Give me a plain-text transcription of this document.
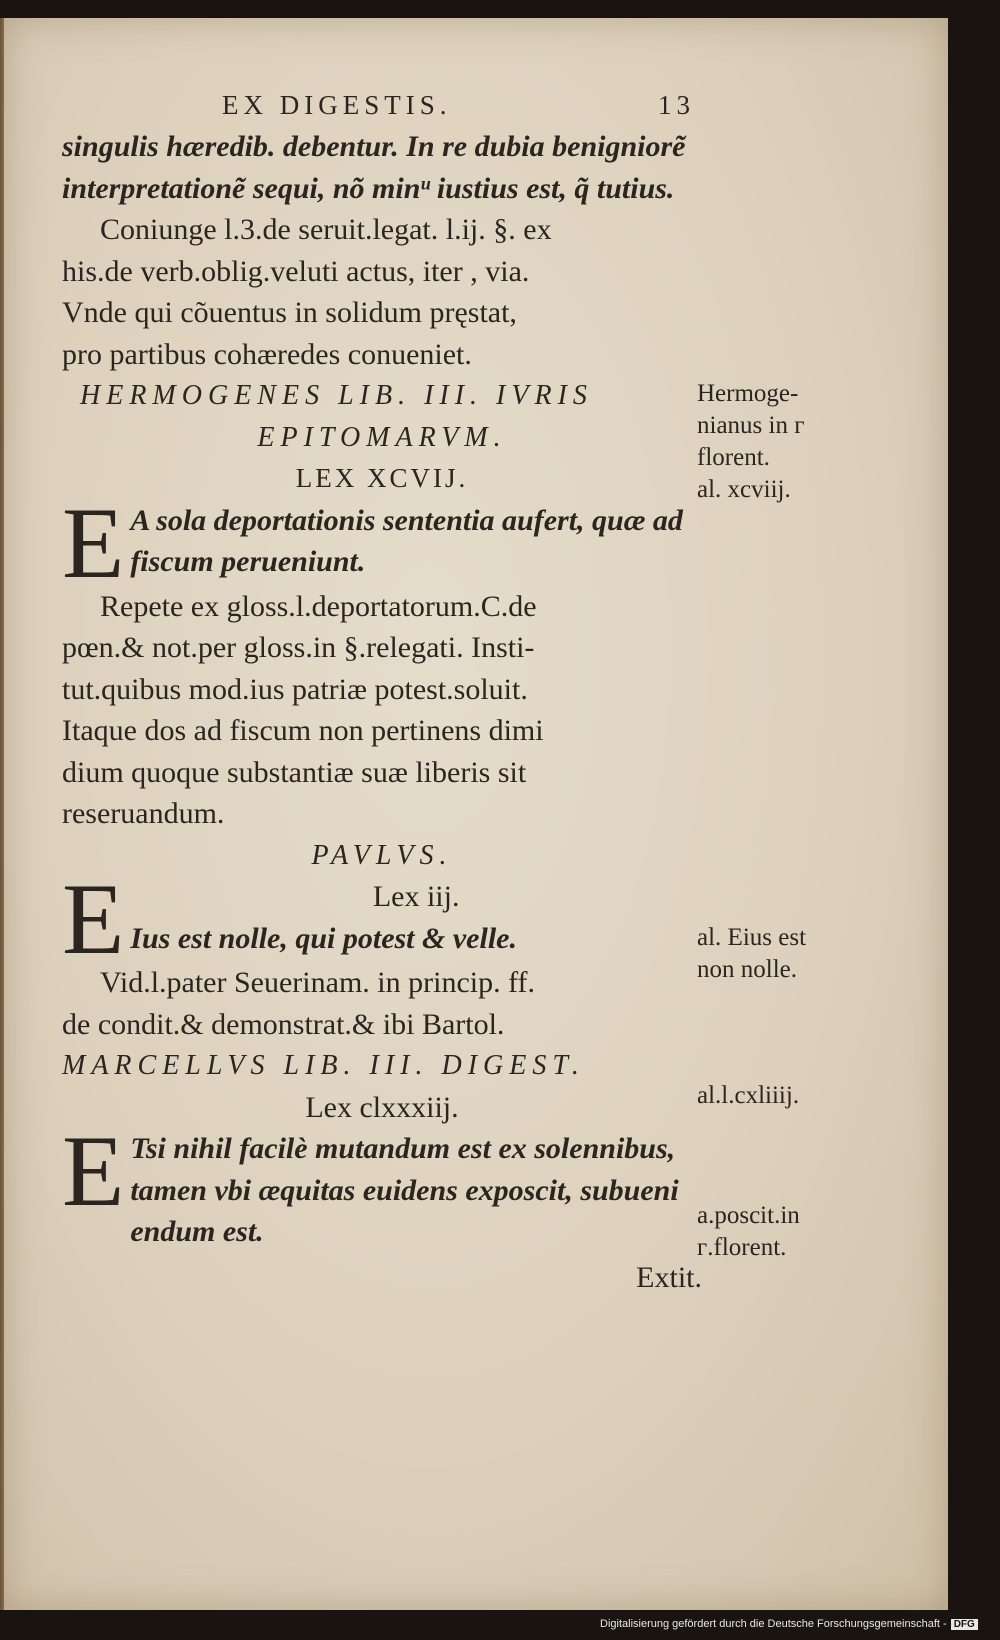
EX DIGESTIS.	13
singulis hæredib. debentur. In re dubia benigniorẽ
interpretationẽ sequi, nõ minᵘ iustius est, q̃ tutius.
Coniunge l.3.de seruit.legat. l.ij. §. ex
his.de verb.oblig.veluti actus, iter , via.
Vnde qui cõuentus in solidum pręstat,
pro partibus cohæredes conueniet.
HERMOGENES LIB. III. IVRIS
EPITOMARVM.
LEX XCVIJ.
E A sola deportationis sententia aufert, quæ ad
fiscum perueniunt.
Repete ex gloss.l.deportatorum.C.de
pœn.& not.per gloss.in §.relegati. Insti-
tut.quibus mod.ius patriæ potest.soluit.
Itaque dos ad fiscum non pertinens dimi
dium quoque substantiæ suæ liberis sit
reseruandum.
PAVLVS.
E	Lex iij.
Ius est nolle, qui potest & velle.
Vid.l.pater Seuerinam. in princip. ff.
de condit.& demonstrat.& ibi Bartol.
MARCELLVS LIB. III. DIGEST.
Lex clxxxiij.
E Tsi nihil facilè mutandum est ex solennibus,
tamen vbi æquitas euidens exposcit, subueni
endum est.
Extit.
Hermoge-
nianus in ᴦ
florent.
al. xcviij.
al. Eius est
non nolle.
al.l.cxliiij.
a.poscit.in
ᴦ.florent.
Digitalisierung gefördert durch die Deutsche Forschungsgemeinschaft - DFG
